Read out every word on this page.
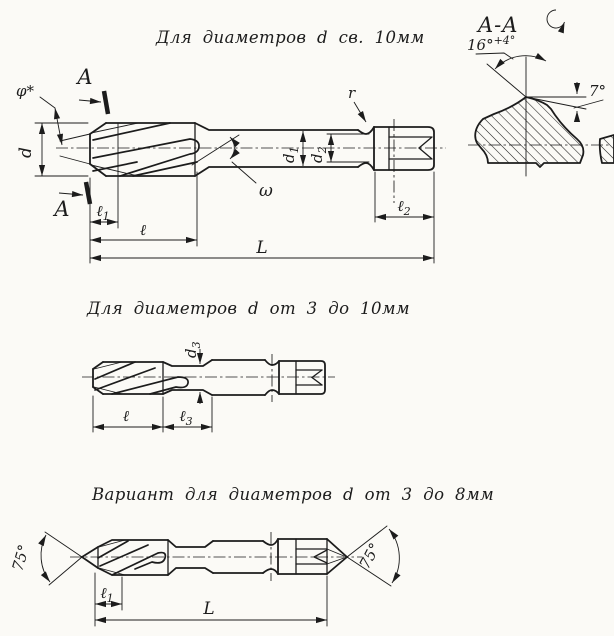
Для диаметров d св. 10мм
A
A
φ*
d
$d_1$
$d_2$
ω
r
ℓ$_1$
ℓ
L
ℓ$_2$
A-A
16°$^{+4^\circ}$
7°
Для диаметров d от 3 до 10мм
$d_3$
ℓ	ℓ$_3$
Вариант для диаметров d от 3 до 8мм
75°	75°
ℓ$_1$
L
